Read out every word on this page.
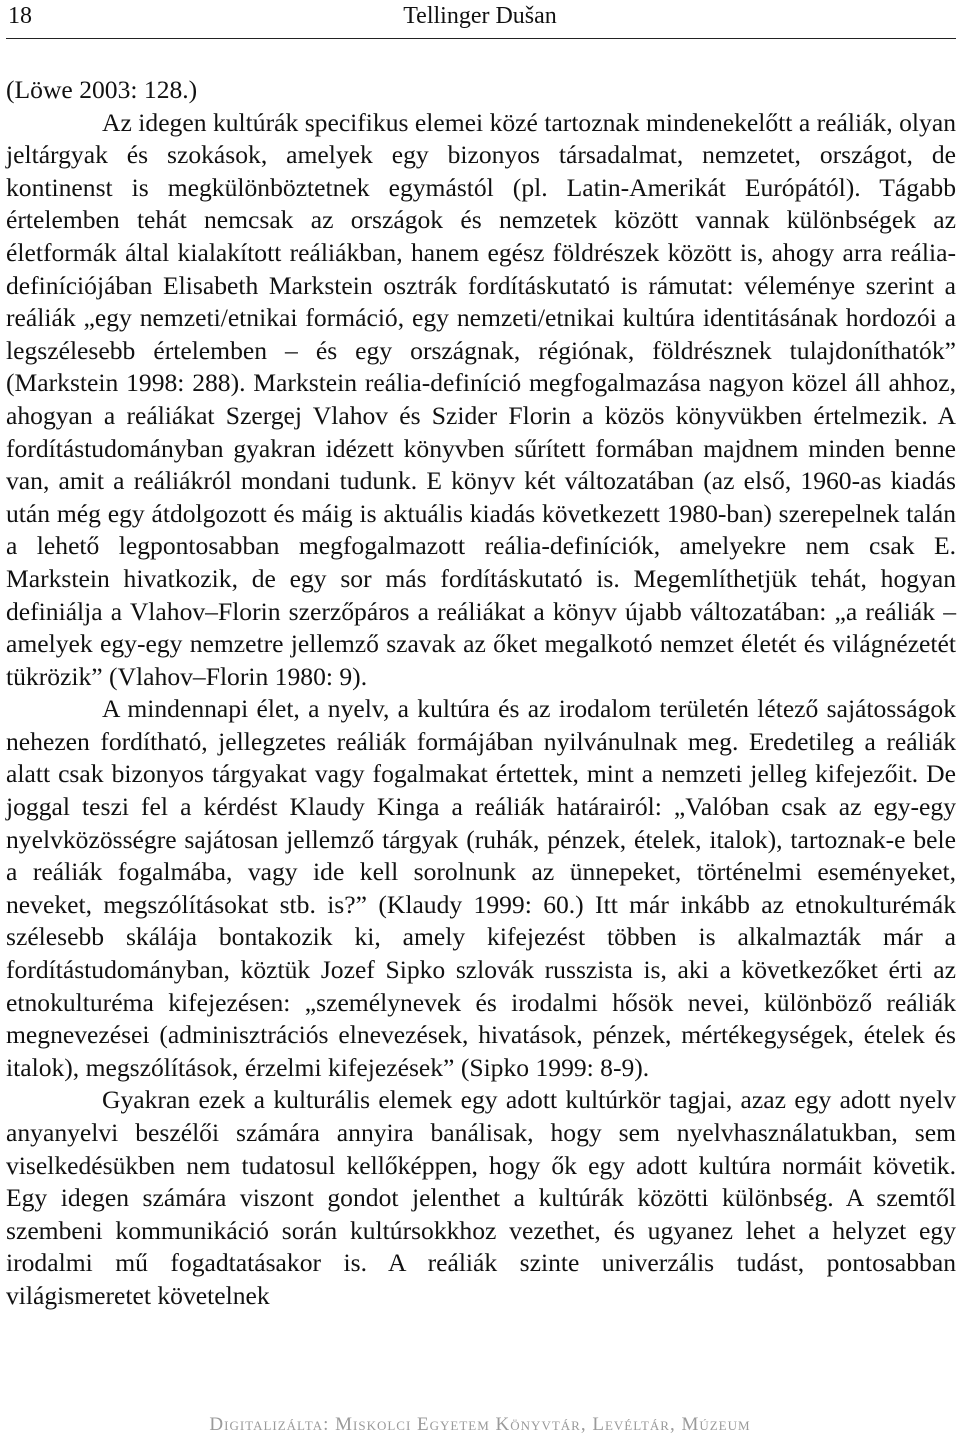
18	Tellinger Dušan

(Löwe 2003: 128.)

Az idegen kultúrák specifikus elemei közé tartoznak mindenekelőtt a reáliák, olyan jeltárgyak és szokások, amelyek egy bizonyos társadalmat, nemzetet, országot, de kontinenst is megkülönböztetnek egymástól (pl. Latin-Amerikát Európától). Tágabb értelemben tehát nemcsak az országok és nemzetek között vannak különbségek az életformák által kialakított reáliákban, hanem egész földrészek között is, ahogy arra reália-definíciójában Elisabeth Markstein osztrák fordításkutató is rámutat: véleménye szerint a reáliák „egy nemzeti/etnikai formáció, egy nemzeti/etnikai kultúra identitásának hordozói a legszélesebb értelemben – és egy országnak, régiónak, földrésznek tulajdoníthatók” (Markstein 1998: 288). Markstein reália-definíció megfogalmazása nagyon közel áll ahhoz, ahogyan a reáliákat Szergej Vlahov és Szider Florin a közös könyvükben értelmezik. A fordítástudományban gyakran idézett könyvben sűrített formában majdnem minden benne van, amit a reáliákról mondani tudunk. E könyv két változatában (az első, 1960-as kiadás után még egy átdolgozott és máig is aktuális kiadás következett 1980-ban) szerepelnek talán a lehető legpontosabban megfogalmazott reália-definíciók, amelyekre nem csak E. Markstein hivatkozik, de egy sor más fordításkutató is. Megemlíthetjük tehát, hogyan definiálja a Vlahov–Florin szerzőpáros a reáliákat a könyv újabb változatában: „a reáliák – amelyek egy-egy nemzetre jellemző szavak az őket megalkotó nemzet életét és világnézetét tükrözik” (Vlahov–Florin 1980: 9).

A mindennapi élet, a nyelv, a kultúra és az irodalom területén létező sajátosságok nehezen fordítható, jellegzetes reáliák formájában nyilvánulnak meg. Eredetileg a reáliák alatt csak bizonyos tárgyakat vagy fogalmakat értettek, mint a nemzeti jelleg kifejezőit. De joggal teszi fel a kérdést Klaudy Kinga a reáliák határairól: „Valóban csak az egy-egy nyelvközösségre sajátosan jellemző tárgyak (ruhák, pénzek, ételek, italok), tartoznak-e bele a reáliák fogalmába, vagy ide kell sorolnunk az ünnepeket, történelmi eseményeket, neveket, megszólításokat stb. is?” (Klaudy 1999: 60.) Itt már inkább az etnokulturémák szélesebb skálája bontakozik ki, amely kifejezést többen is alkalmazták már a fordítástudományban, köztük Jozef Sipko szlovák russzista is, aki a következőket érti az etnokulturéma kifejezésen: „személynevek és irodalmi hősök nevei, különböző reáliák megnevezései (adminisztrációs elnevezések, hivatások, pénzek, mértékegységek, ételek és italok), megszólítások, érzelmi kifejezések” (Sipko 1999: 8-9).

Gyakran ezek a kulturális elemek egy adott kultúrkör tagjai, azaz egy adott nyelv anyanyelvi beszélői számára annyira banálisak, hogy sem nyelvhasználatukban, sem viselkedésükben nem tudatosul kellőképpen, hogy ők egy adott kultúra normáit követik. Egy idegen számára viszont gondot jelenthet a kultúrák közötti különbség. A szemtől szembeni kommunikáció során kultúrsokkhoz vezethet, és ugyanez lehet a helyzet egy irodalmi mű fogadtatásakor is. A reáliák szinte univerzális tudást, pontosabban világismeretet követelnek

Digitalizálta: Miskolci Egyetem Könyvtár, Levéltár, Múzeum
